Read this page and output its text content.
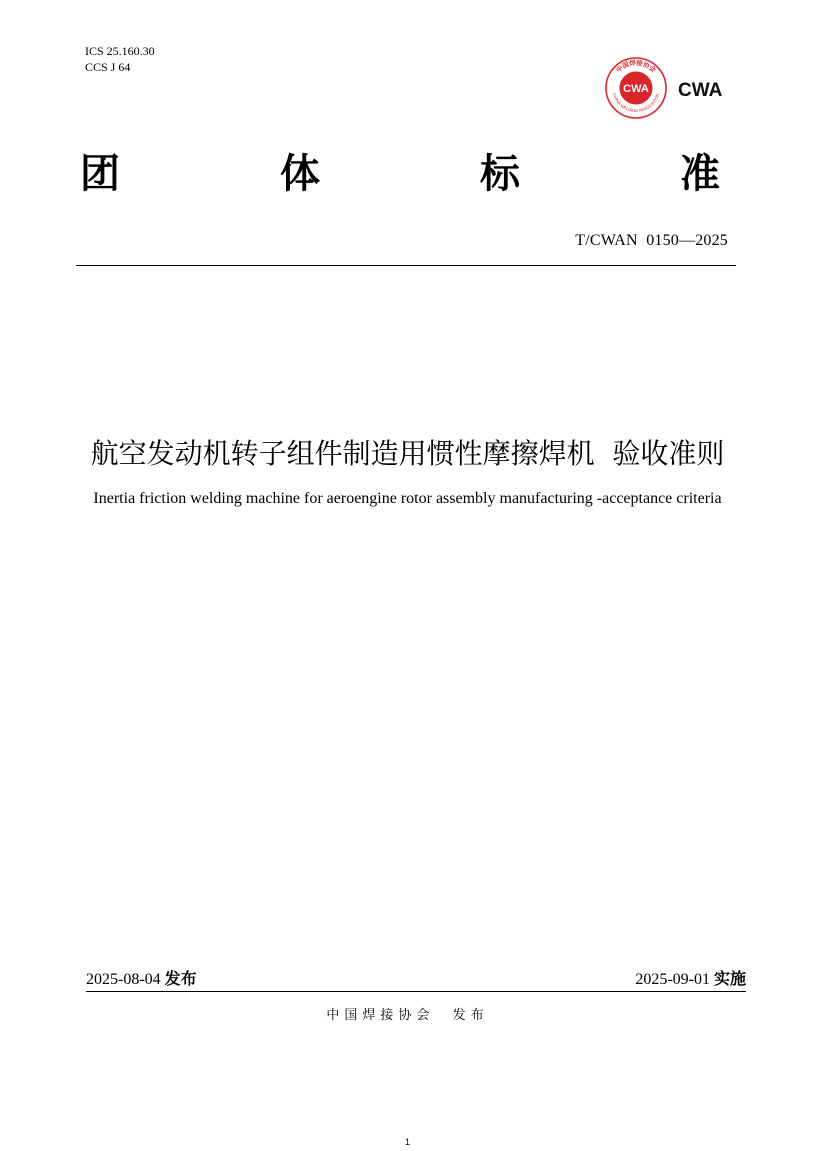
ICS 25.160.30
CCS J 64	中国焊接协会
CHINA WELDING ASSOCIATION
CWA CWA
团	体	标	准
T/CWAN  0150—2025
航空发动机转子组件制造用惯性摩擦焊机  验收准则
Inertia friction welding machine for aeroengine rotor assembly manufacturing -acceptance criteria
2025-08-04 发布	2025-09-01 实施
中国焊接协会  发布
1
